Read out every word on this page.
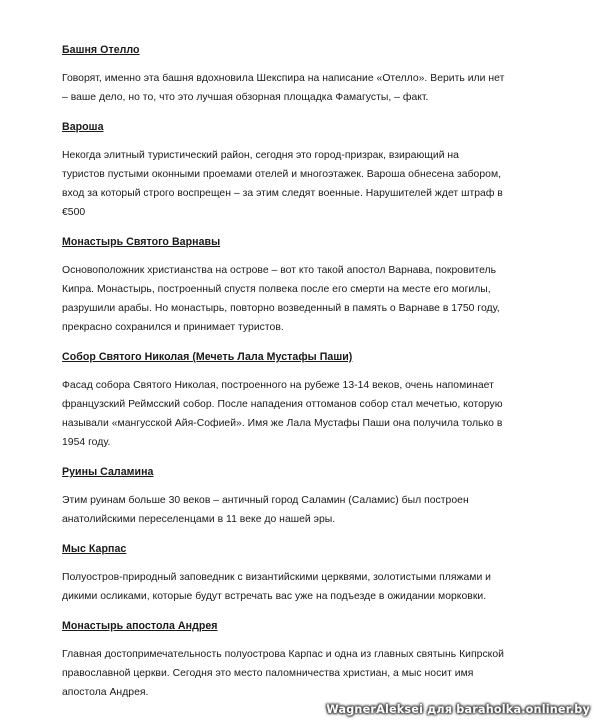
Башня Отелло

Говорят, именно эта башня вдохновила Шекспира на написание «Отелло». Верить или нет
– ваше дело, но то, что это лучшая обзорная площадка Фамагусты, – факт.

Вароша

Некогда элитный туристический район, сегодня это город-призрак, взирающий на
туристов пустыми оконными проемами отелей и многоэтажек. Вароша обнесена забором,
вход за который строго воспрещен – за этим следят военные. Нарушителей ждет штраф в
€500

Монастырь Святого Варнавы

Основоположник христианства на острове – вот кто такой апостол Варнава, покровитель
Кипра. Монастырь, построенный спустя полвека после его смерти на месте его могилы,
разрушили арабы. Но монастырь, повторно возведенный в память о Варнаве в 1750 году,
прекрасно сохранился и принимает туристов.

Собор Святого Николая (Мечеть Лала Мустафы Паши)

Фасад собора Святого Николая, построенного на рубеже 13-14 веков, очень напоминает
французский Реймсский собор. После нападения оттоманов собор стал мечетью, которую
называли «мангусской Айя-Софией». Имя же Лала Мустафы Паши она получила только в
1954 году.

Руины Саламина

Этим руинам больше 30 веков – античный город Саламин (Саламис) был построен
анатолийскими переселенцами в 11 веке до нашей эры.

Мыс Карпас

Полуостров-природный заповедник с византийскими церквями, золотистыми пляжами и
дикими осликами, которые будут встречать вас уже на подъезде в ожидании морковки.

Монастырь апостола Андрея

Главная достопримечательность полуострова Карпас и одна из главных святынь Кипрской
православной церкви. Сегодня это место паломничества христиан, а мыс носит имя
апостола Андрея.

WagnerAleksei для baraholka.onliner.by
